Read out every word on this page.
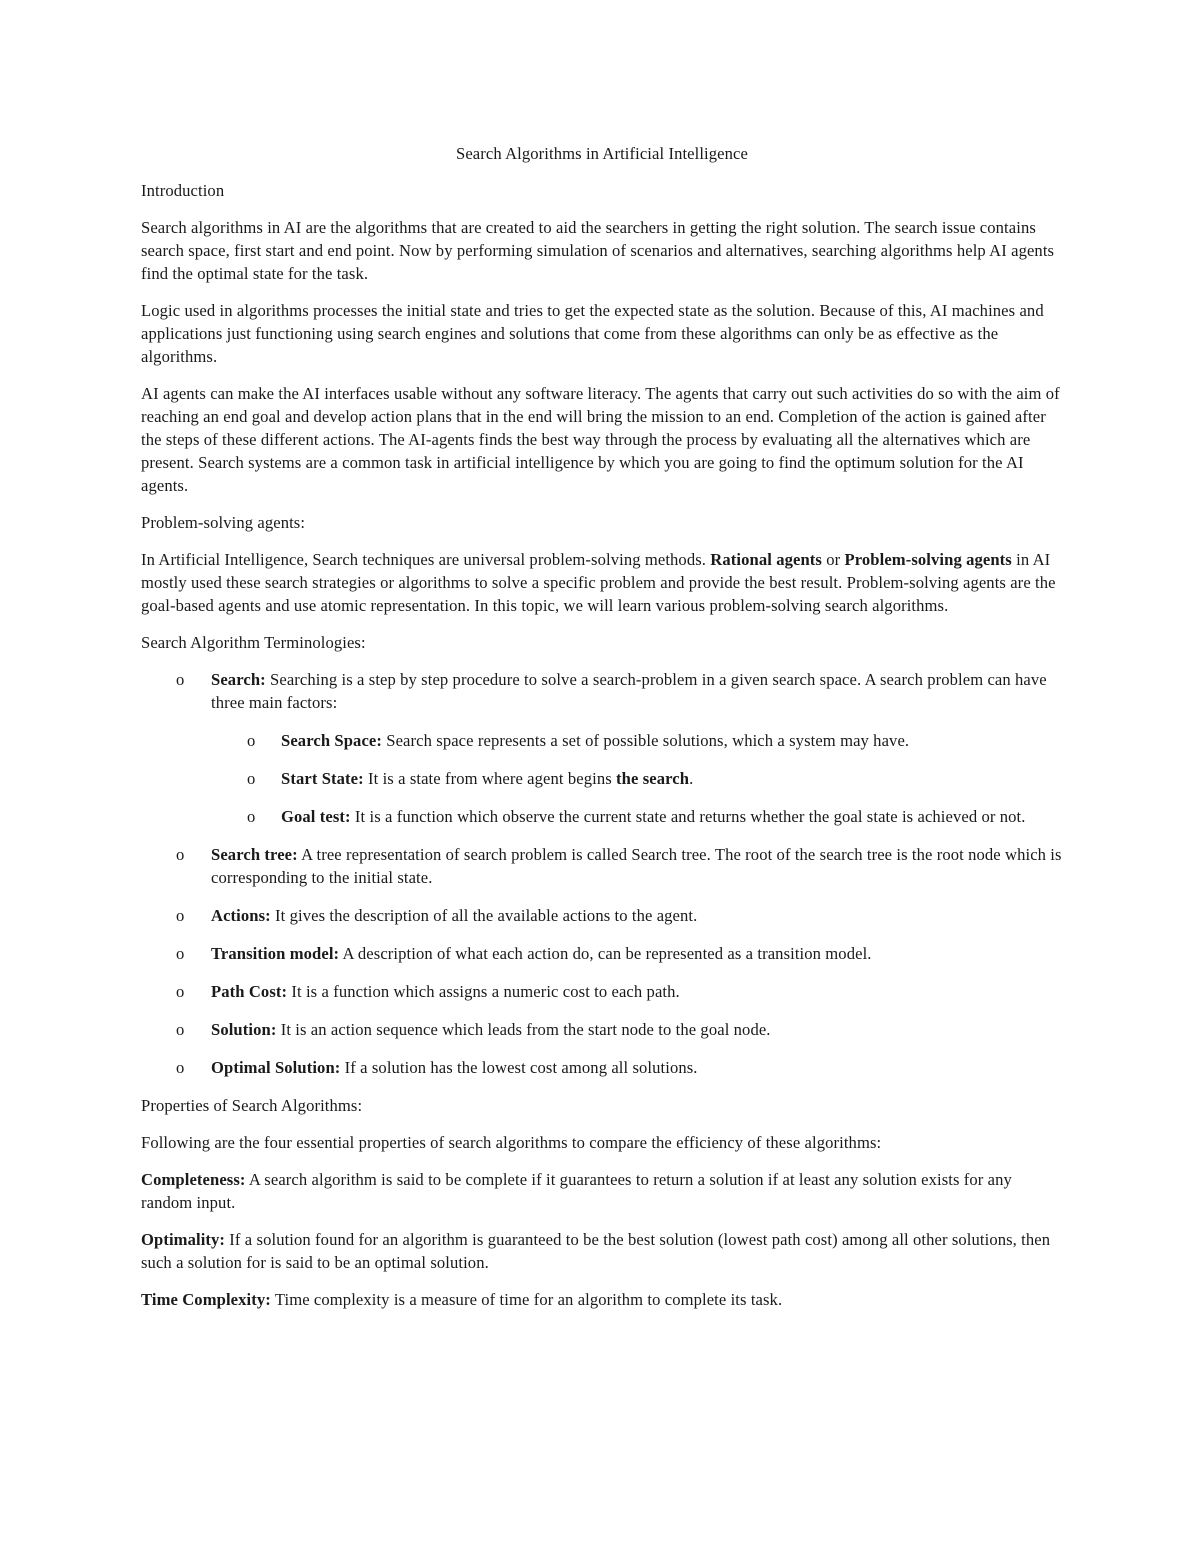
Search Algorithms in Artificial Intelligence
Introduction

Search algorithms in AI are the algorithms that are created to aid the searchers in getting the right solution. The search issue contains search space, first start and end point. Now by performing simulation of scenarios and alternatives, searching algorithms help AI agents find the optimal state for the task.

Logic used in algorithms processes the initial state and tries to get the expected state as the solution. Because of this, AI machines and applications just functioning using search engines and solutions that come from these algorithms can only be as effective as the algorithms.

AI agents can make the AI interfaces usable without any software literacy. The agents that carry out such activities do so with the aim of reaching an end goal and develop action plans that in the end will bring the mission to an end. Completion of the action is gained after the steps of these different actions. The AI-agents finds the best way through the process by evaluating all the alternatives which are present. Search systems are a common task in artificial intelligence by which you are going to find the optimum solution for the AI agents.

Problem-solving agents:

In Artificial Intelligence, Search techniques are universal problem-solving methods. Rational agents or Problem-solving agents in AI mostly used these search strategies or algorithms to solve a specific problem and provide the best result. Problem-solving agents are the goal-based agents and use atomic representation. In this topic, we will learn various problem-solving search algorithms.

Search Algorithm Terminologies:
o Search: Searching is a step by step procedure to solve a search-problem in a given search space. A search problem can have three main factors:
o Search Space: Search space represents a set of possible solutions, which a system may have.
o Start State: It is a state from where agent begins the search.
o Goal test: It is a function which observe the current state and returns whether the goal state is achieved or not.
o Search tree: A tree representation of search problem is called Search tree. The root of the search tree is the root node which is corresponding to the initial state.
o Actions: It gives the description of all the available actions to the agent.
o Transition model: A description of what each action do, can be represented as a transition model.
o Path Cost: It is a function which assigns a numeric cost to each path.
o Solution: It is an action sequence which leads from the start node to the goal node.
o Optimal Solution: If a solution has the lowest cost among all solutions.
Properties of Search Algorithms:

Following are the four essential properties of search algorithms to compare the efficiency of these algorithms:

Completeness: A search algorithm is said to be complete if it guarantees to return a solution if at least any solution exists for any random input.

Optimality: If a solution found for an algorithm is guaranteed to be the best solution (lowest path cost) among all other solutions, then such a solution for is said to be an optimal solution.

Time Complexity: Time complexity is a measure of time for an algorithm to complete its task.
